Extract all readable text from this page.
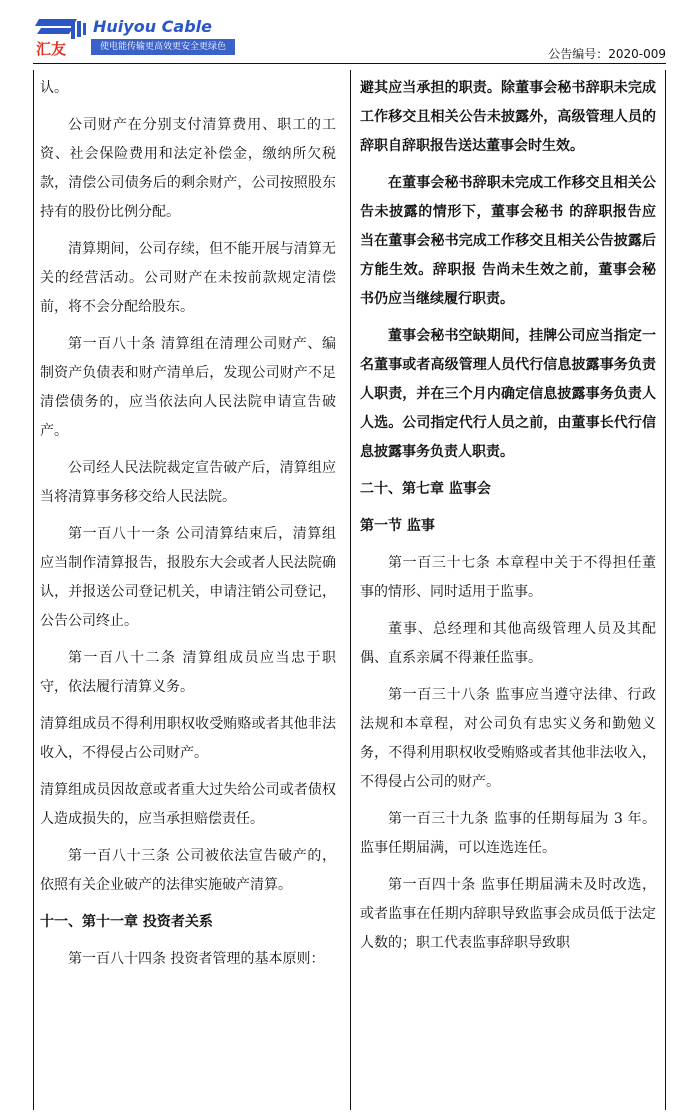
汇友
Huiyou Cable
使电能传输更高效更安全更绿色	公告编号：2020-009

认。

公司财产在分别支付清算费用、职工的工资、社会保险费用和法定补偿金，缴纳所欠税款，清偿公司债务后的剩余财产，公司按照股东持有的股份比例分配。

清算期间，公司存续，但不能开展与清算无关的经营活动。公司财产在未按前款规定清偿前，将不会分配给股东。

第一百八十条 清算组在清理公司财产、编制资产负债表和财产清单后，发现公司财产不足清偿债务的，应当依法向人民法院申请宣告破产。

公司经人民法院裁定宣告破产后，清算组应当将清算事务移交给人民法院。

第一百八十一条 公司清算结束后，清算组应当制作清算报告，报股东大会或者人民法院确认，并报送公司登记机关，申请注销公司登记，公告公司终止。

第一百八十二条 清算组成员应当忠于职守，依法履行清算义务。

清算组成员不得利用职权收受贿赂或者其他非法收入，不得侵占公司财产。

清算组成员因故意或者重大过失给公司或者债权人造成损失的，应当承担赔偿责任。

第一百八十三条 公司被依法宣告破产的，依照有关企业破产的法律实施破产清算。

十一、第十一章 投资者关系

第一百八十四条 投资者管理的基本原则：

避其应当承担的职责。除董事会秘书辞职未完成工作移交且相关公告未披露外，高级管理人员的辞职自辞职报告送达董事会时生效。

在董事会秘书辞职未完成工作移交且相关公告未披露的情形下，董事会秘书 的辞职报告应当在董事会秘书完成工作移交且相关公告披露后方能生效。辞职报 告尚未生效之前，董事会秘书仍应当继续履行职责。

董事会秘书空缺期间，挂牌公司应当指定一名董事或者高级管理人员代行信息披露事务负责人职责，并在三个月内确定信息披露事务负责人人选。公司指定代行人员之前，由董事长代行信息披露事务负责人职责。

二十、第七章 监事会

第一节 监事

第一百三十七条 本章程中关于不得担任董事的情形、同时适用于监事。

董事、总经理和其他高级管理人员及其配偶、直系亲属不得兼任监事。

第一百三十八条 监事应当遵守法律、行政法规和本章程，对公司负有忠实义务和勤勉义务，不得利用职权收受贿赂或者其他非法收入，不得侵占公司的财产。

第一百三十九条 监事的任期每届为 3 年。监事任期届满，可以连选连任。

第一百四十条 监事任期届满未及时改选，或者监事在任期内辞职导致监事会成员低于法定人数的；职工代表监事辞职导致职
